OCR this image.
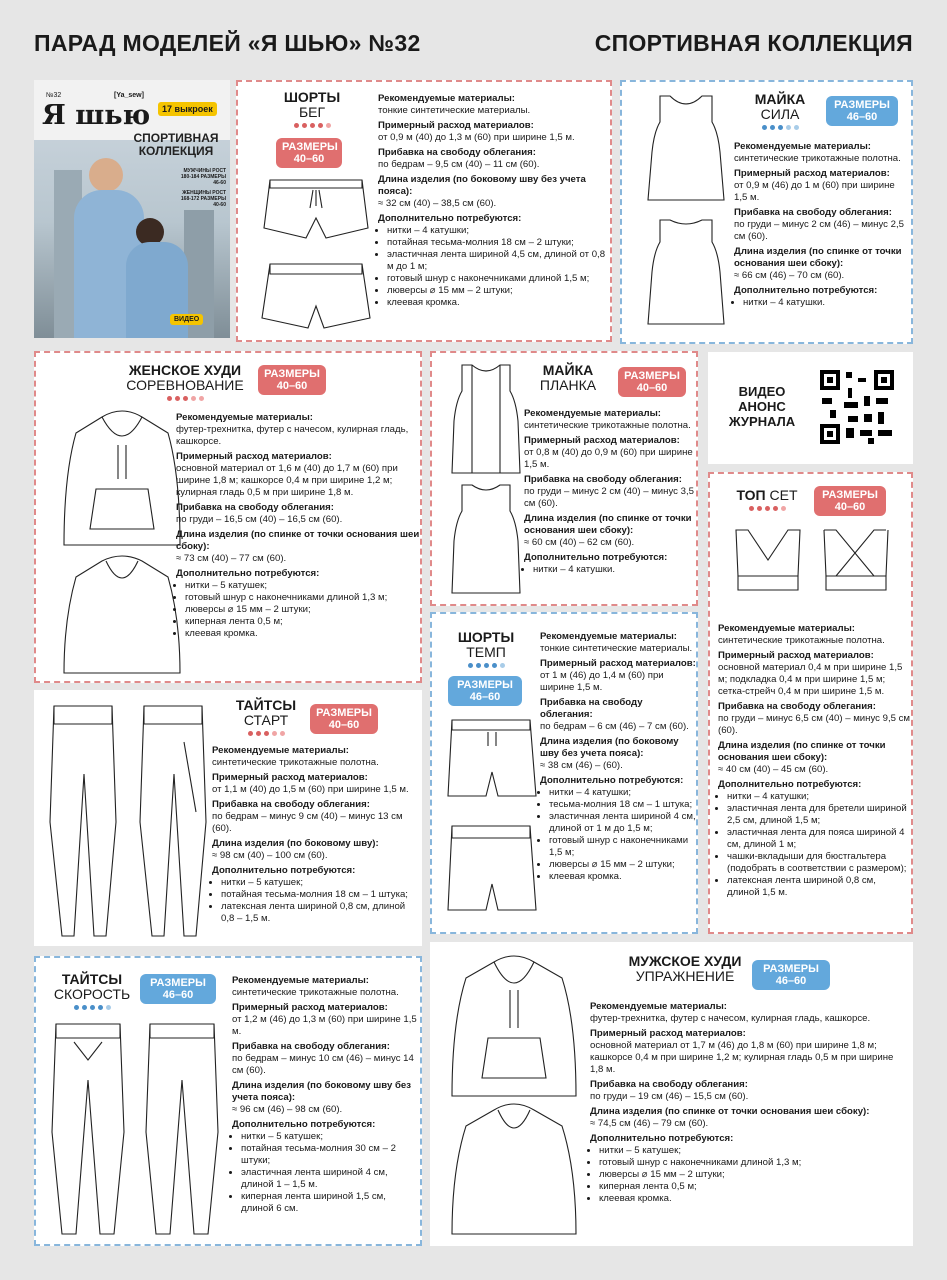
ПАРАД МОДЕЛЕЙ «Я ШЬЮ» №32	СПОРТИВНАЯ КОЛЛЕКЦИЯ
№32	[Ya_sew]
Я шью	17 выкроек
СПОРТИВНАЯ КОЛЛЕКЦИЯ
МУЖЧИНЫ РОСТ 180-184 РАЗМЕРЫ 46-60
ЖЕНЩИНЫ РОСТ 168-172 РАЗМЕРЫ 40-60
ВИДЕО
ШОРТЫ
БЕГ
РАЗМЕРЫ
40–60
Рекомендуемые материалы:
тонкие синтетические материалы.
Примерный расход материалов:
от 0,9 м (40) до 1,3 м (60) при ширине 1,5 м.
Прибавка на свободу облегания:
по бедрам – 9,5 см (40) – 11 см (60).
Длина изделия (по боковому шву без учета пояса):
≈ 32 см (40) – 38,5 см (60).
Дополнительно потребуются:
• нитки – 4 катушки;
• потайная тесьма-молния 18 см – 2 штуки;
• эластичная лента шириной 4,5 см, длиной от 0,8 м до 1 м;
• готовый шнур с наконечниками длиной 1,5 м;
• люверсы ⌀ 15 мм – 2 штуки;
• клеевая кромка.
МАЙКА
СИЛА
РАЗМЕРЫ
46–60
Рекомендуемые материалы:
синтетические трикотажные полотна.
Примерный расход материалов:
от 0,9 м (46) до 1 м (60) при ширине 1,5 м.
Прибавка на свободу облегания:
по груди – минус 2 см (46) – минус 2,5 см (60).
Длина изделия (по спинке от точки основания шеи сбоку):
≈ 66 см (46) – 70 см (60).
Дополнительно потребуются:
• нитки – 4 катушки.
ЖЕНСКОЕ ХУДИ
СОРЕВНОВАНИЕ
РАЗМЕРЫ
40–60
Рекомендуемые материалы:
футер-трехнитка, футер с начесом, кулирная гладь, кашкорсе.
Примерный расход материалов:
основной материал от 1,6 м (40) до 1,7 м (60) при ширине 1,8 м; кашкорсе 0,4 м при ширине 1,2 м; кулирная гладь 0,5 м при ширине 1,8 м.
Прибавка на свободу облегания:
по груди – 16,5 см (40) – 16,5 см (60).
Длина изделия (по спинке от точки основания шеи сбоку):
≈ 73 см (40) – 77 см (60).
Дополнительно потребуются:
• нитки – 5 катушек;
• готовый шнур с наконечниками длиной 1,3 м;
• люверсы ⌀ 15 мм – 2 штуки;
• киперная лента 0,5 м;
• клеевая кромка.
МАЙКА
ПЛАНКА
РАЗМЕРЫ
40–60
Рекомендуемые материалы:
синтетические трикотажные полотна.
Примерный расход материалов:
от 0,8 м (40) до 0,9 м (60) при ширине 1,5 м.
Прибавка на свободу облегания:
по груди – минус 2 см (40) – минус 3,5 см (60).
Длина изделия (по спинке от точки основания шеи сбоку):
≈ 60 см (40) – 62 см (60).
Дополнительно потребуются:
• нитки – 4 катушки.
ВИДЕО
АНОНС
ЖУРНАЛА
ТОП СЕТ	РАЗМЕРЫ
40–60
Рекомендуемые материалы:
синтетические трикотажные полотна.
Примерный расход материалов:
основной материал 0,4 м при ширине 1,5 м; подкладка 0,4 м при ширине 1,5 м; сетка-стрейч 0,4 м при ширине 1,5 м.
Прибавка на свободу облегания:
по груди – минус 6,5 см (40) – минус 9,5 см (60).
Длина изделия (по спинке от точки основания шеи сбоку):
≈ 40 см (40) – 45 см (60).
Дополнительно потребуются:
• нитки – 4 катушки;
• эластичная лента для бретели шириной 2,5 см, длиной 1,5 м;
• эластичная лента для пояса шириной 4 см, длиной 1 м;
• чашки-вкладыши для бюстгальтера (подобрать в соответствии с размером);
• латексная лента шириной 0,8 см, длиной 1,5 м.
ШОРТЫ
ТЕМП
РАЗМЕРЫ
46–60
Рекомендуемые материалы:
тонкие синтетические материалы.
Примерный расход материалов:
от 1 м (46) до 1,4 м (60) при ширине 1,5 м.
Прибавка на свободу облегания:
по бедрам – 6 см (46) – 7 см (60).
Длина изделия (по боковому шву без учета пояса):
≈ 38 см (46) – (60).
Дополнительно потребуются:
• нитки – 4 катушки;
• тесьма-молния 18 см – 1 штука;
• эластичная лента шириной 4 см, длиной от 1 м до 1,5 м;
• готовый шнур с наконечниками 1,5 м;
• люверсы ⌀ 15 мм – 2 штуки;
• клеевая кромка.
ТАЙТСЫ
СТАРТ	РАЗМЕРЫ
40–60
Рекомендуемые материалы:
синтетические трикотажные полотна.
Примерный расход материалов:
от 1,1 м (40) до 1,5 м (60) при ширине 1,5 м.
Прибавка на свободу облегания:
по бедрам – минус 9 см (40) – минус 13 см (60).
Длина изделия (по боковому шву):
≈ 98 см (40) – 100 см (60).
Дополнительно потребуются:
• нитки – 5 катушек;
• потайная тесьма-молния 18 см – 1 штука;
• латексная лента шириной 0,8 см, длиной 0,8 – 1,5 м.
ТАЙТСЫ
СКОРОСТЬ
РАЗМЕРЫ
46–60
Рекомендуемые материалы:
синтетические трикотажные полотна.
Примерный расход материалов:
от 1,2 м (46) до 1,3 м (60) при ширине 1,5 м.
Прибавка на свободу облегания:
по бедрам – минус 10 см (46) – минус 14 см (60).
Длина изделия (по боковому шву без учета пояса):
≈ 96 см (46) – 98 см (60).
Дополнительно потребуются:
• нитки – 5 катушек;
• потайная тесьма-молния 30 см – 2 штуки;
• эластичная лента шириной 4 см, длиной 1 – 1,5 м.
• киперная лента шириной 1,5 см, длиной 6 см.
МУЖСКОЕ ХУДИ
УПРАЖНЕНИЕ	РАЗМЕРЫ
46–60
Рекомендуемые материалы:
футер-трехнитка, футер с начесом, кулирная гладь, кашкорсе.
Примерный расход материалов:
основной материал от 1,7 м (46) до 1,8 м (60) при ширине 1,8 м; кашкорсе 0,4 м при ширине 1,2 м; кулирная гладь 0,5 м при ширине 1,8 м.
Прибавка на свободу облегания:
по груди – 19 см (46) – 15,5 см (60).
Длина изделия (по спинке от точки основания шеи сбоку):
≈ 74,5 см (46) – 79 см (60).
Дополнительно потребуются:
• нитки – 5 катушек;
• готовый шнур с наконечниками длиной 1,3 м;
• люверсы ⌀ 15 мм – 2 штуки;
• киперная лента 0,5 м;
• клеевая кромка.
